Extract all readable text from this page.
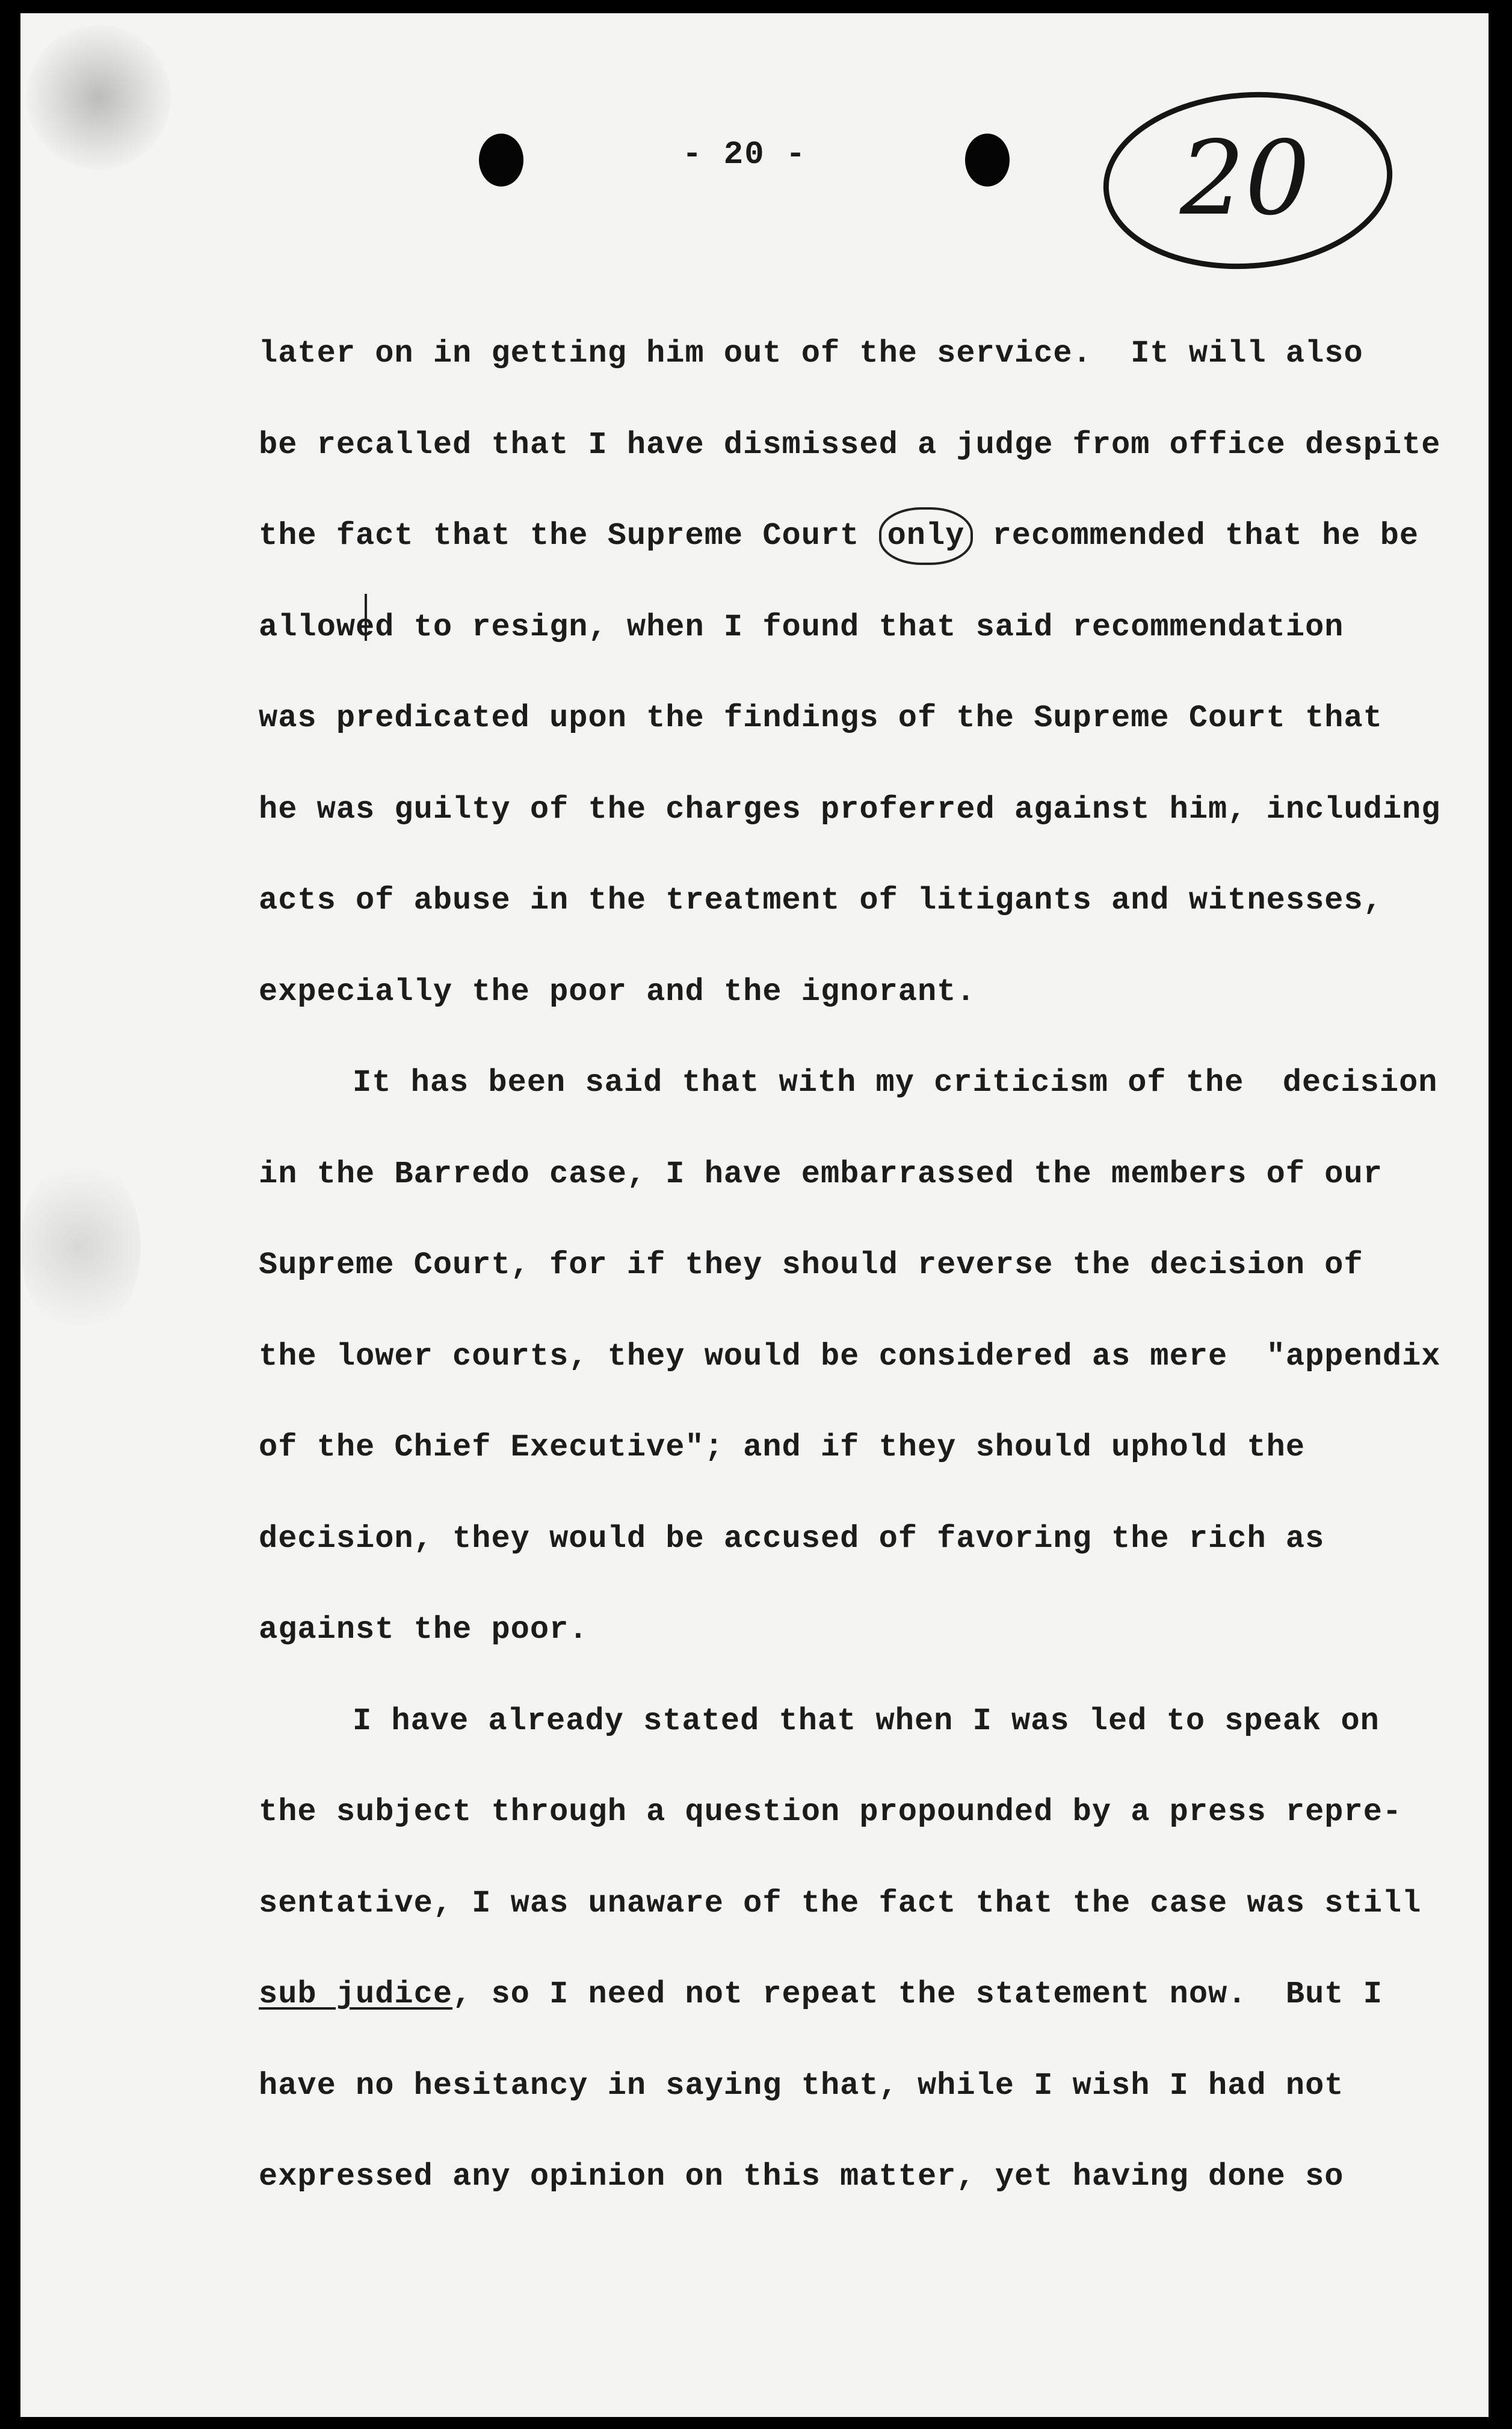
- 20 -	20
later on in getting him out of the service.  It will also
be recalled that I have dismissed a judge from office despite
the fact that the Supreme Court only recommended that he be
allowed to resign, when I found that said recommendation
was predicated upon the findings of the Supreme Court that
he was guilty of the charges proferred against him, including
acts of abuse in the treatment of litigants and witnesses,
expecially the poor and the ignorant.
It has been said that with my criticism of the  decision
in the Barredo case, I have embarrassed the members of our
Supreme Court, for if they should reverse the decision of
the lower courts, they would be considered as mere  "appendix
of the Chief Executive"; and if they should uphold the
decision, they would be accused of favoring the rich as
against the poor.
I have already stated that when I was led to speak on
the subject through a question propounded by a press repre-
sentative, I was unaware of the fact that the case was still
sub judice, so I need not repeat the statement now.  But I
have no hesitancy in saying that, while I wish I had not
expressed any opinion on this matter, yet having done so
